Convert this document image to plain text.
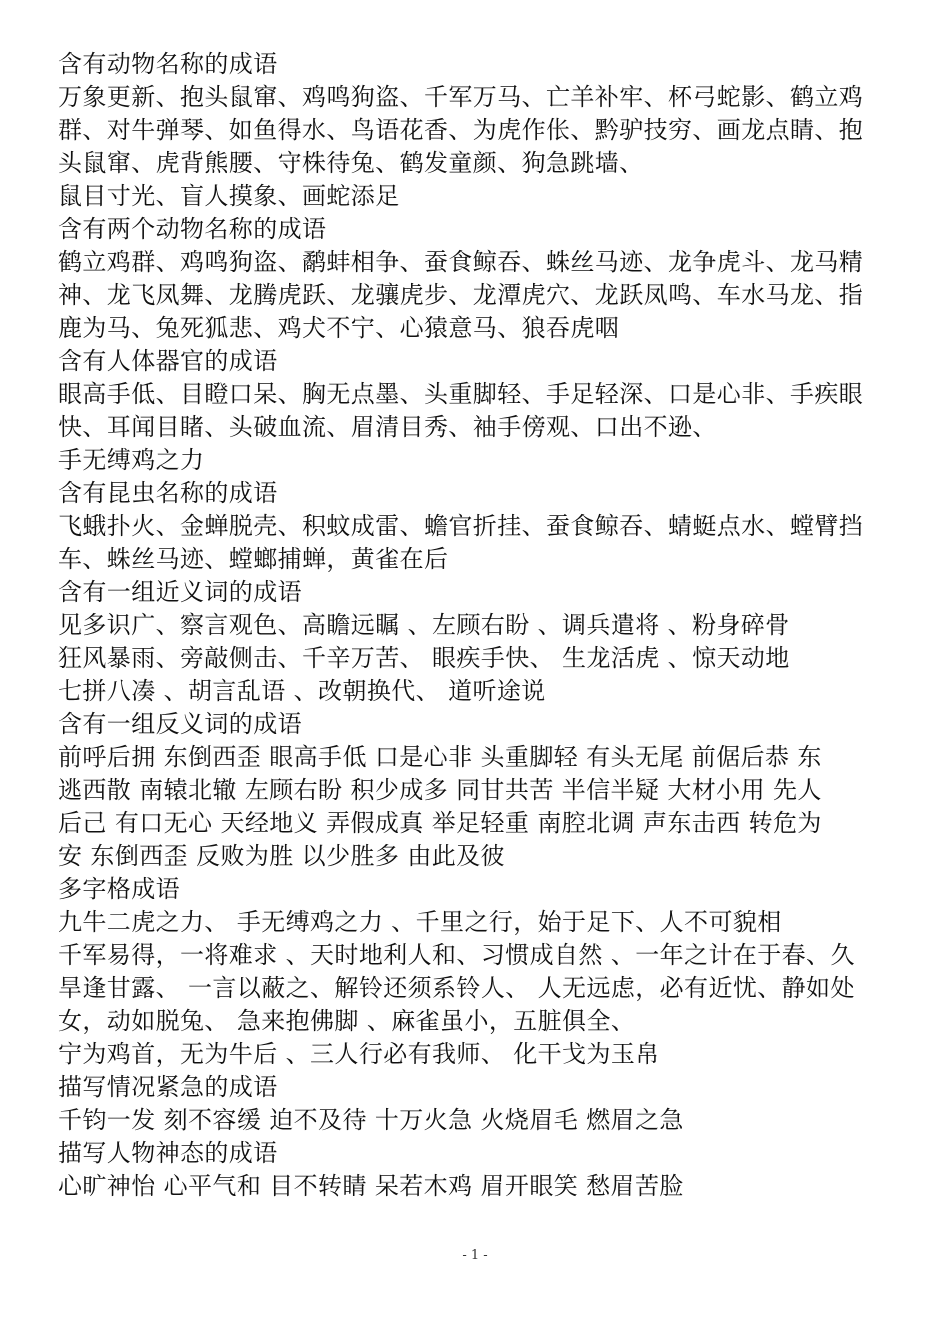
含有动物名称的成语
万象更新、抱头鼠窜、鸡鸣狗盗、千军万马、亡羊补牢、杯弓蛇影、鹤立鸡
群、对牛弹琴、如鱼得水、鸟语花香、为虎作伥、黔驴技穷、画龙点睛、抱
头鼠窜、虎背熊腰、守株待兔、鹤发童颜、狗急跳墙、
鼠目寸光、盲人摸象、画蛇添足
含有两个动物名称的成语
鹤立鸡群、鸡鸣狗盗、鹬蚌相争、蚕食鲸吞、蛛丝马迹、龙争虎斗、龙马精
神、龙飞凤舞、龙腾虎跃、龙骧虎步、龙潭虎穴、龙跃凤鸣、车水马龙、指
鹿为马、兔死狐悲、鸡犬不宁、心猿意马、狼吞虎咽
含有人体器官的成语
眼高手低、目瞪口呆、胸无点墨、头重脚轻、手足轻深、口是心非、手疾眼
快、耳闻目睹、头破血流、眉清目秀、袖手傍观、口出不逊、
手无缚鸡之力
含有昆虫名称的成语
飞蛾扑火、金蝉脱壳、积蚊成雷、蟾官折挂、蚕食鲸吞、蜻蜓点水、螳臂挡
车、蛛丝马迹、螳螂捕蝉，黄雀在后
含有一组近义词的成语
见多识广、察言观色、高瞻远瞩 、左顾右盼 、调兵遣将 、粉身碎骨
狂风暴雨、旁敲侧击、千辛万苦、 眼疾手快、 生龙活虎 、惊天动地
七拼八凑 、胡言乱语 、改朝换代、 道听途说
含有一组反义词的成语
前呼后拥 东倒西歪 眼高手低 口是心非 头重脚轻 有头无尾 前倨后恭 东
逃西散 南辕北辙 左顾右盼 积少成多 同甘共苦 半信半疑 大材小用 先人
后己 有口无心 天经地义 弄假成真 举足轻重 南腔北调 声东击西 转危为
安 东倒西歪 反败为胜 以少胜多 由此及彼
多字格成语
九牛二虎之力、 手无缚鸡之力 、千里之行，始于足下、人不可貌相
千军易得，一将难求 、天时地利人和、习惯成自然 、一年之计在于春、久
旱逢甘露、 一言以蔽之、解铃还须系铃人、 人无远虑，必有近忧、静如处
女，动如脱兔、 急来抱佛脚 、麻雀虽小，五脏俱全、
宁为鸡首，无为牛后 、三人行必有我师、 化干戈为玉帛
描写情况紧急的成语
千钧一发 刻不容缓 迫不及待 十万火急 火烧眉毛 燃眉之急
描写人物神态的成语
心旷神怡 心平气和 目不转睛 呆若木鸡 眉开眼笑 愁眉苦脸
- 1 -
